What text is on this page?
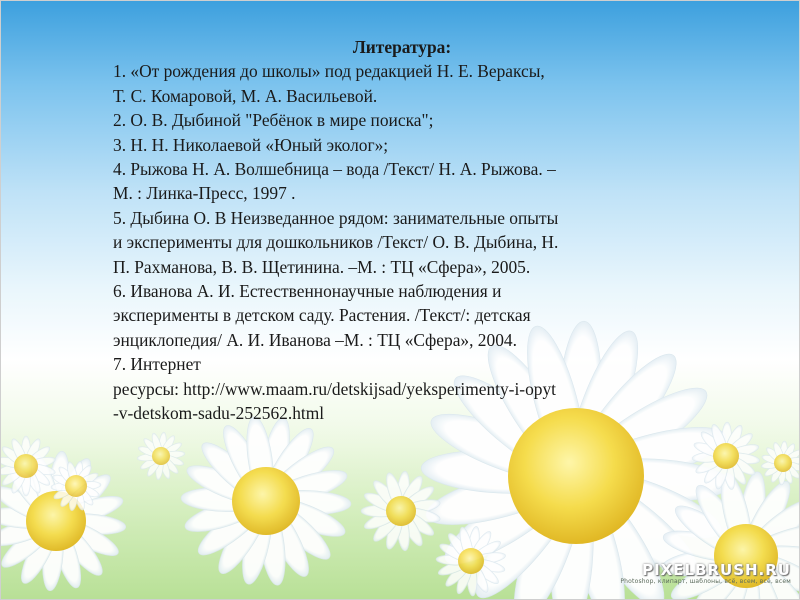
Литература:
1. «От рождения до школы» под редакцией Н. Е. Вераксы,
Т. С. Комаровой, М. А. Васильевой.
2. О. В. Дыбиной "Ребёнок в мире поиска";
3. Н. Н. Николаевой «Юный эколог»;
4. Рыжова Н. А. Волшебница – вода /Текст/ Н. А. Рыжова. –
М. : Линка-Пресс, 1997 .
5. Дыбина О. В Неизведанное рядом: занимательные опыты
и эксперименты для дошкольников /Текст/ О. В. Дыбина, Н.
П. Рахманова, В. В. Щетинина. –М. : ТЦ «Сфера», 2005.
6. Иванова А. И. Естественнонаучные наблюдения и
эксперименты в детском саду. Растения. /Текст/: детская
энциклопедия/ А. И. Иванова –М. : ТЦ «Сфера», 2004.
7. Интернет
ресурсы: http://www.maam.ru/detskijsad/yeksperimenty-i-opyt
-v-detskom-sadu-252562.html
PIXELBRUSH.RU
Photoshop, клипарт, шаблоны, всё, всем, всё, всем
